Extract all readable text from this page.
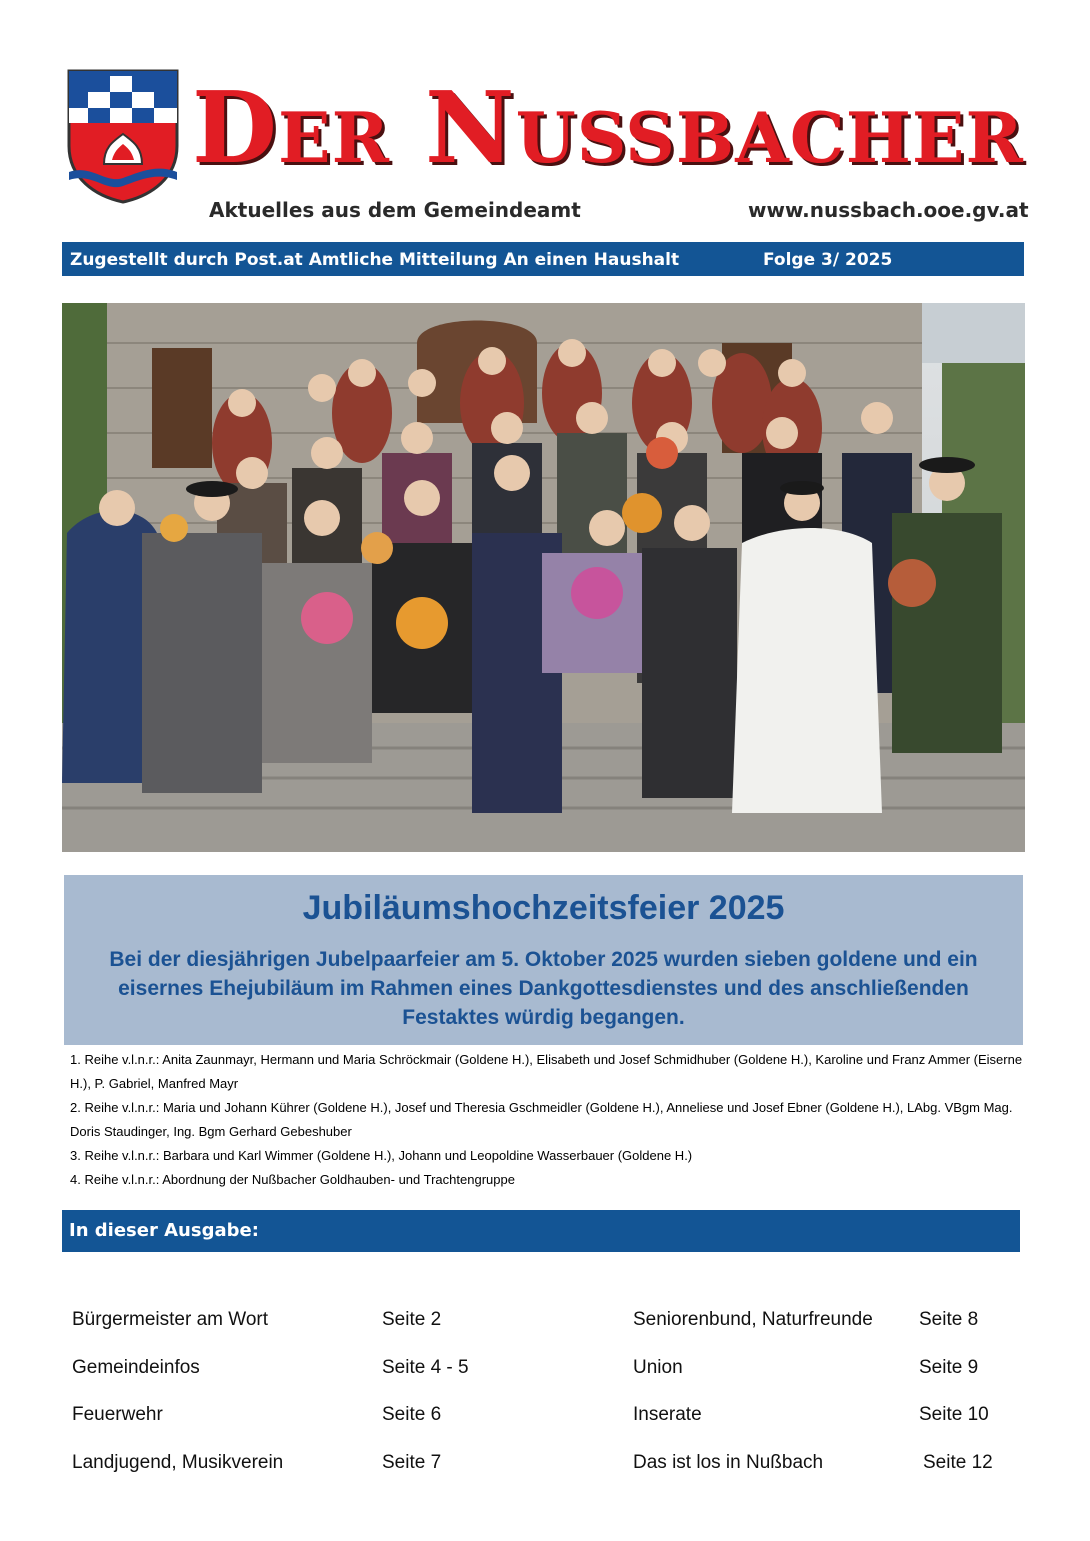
Der Nußbacher
Aktuelles aus dem Gemeindeamt	www.nussbach.ooe.gv.at
Zugestellt durch Post.at Amtliche Mitteilung An einen Haushalt	Folge 3/ 2025
Jubiläumshochzeitsfeier 2025
Bei der diesjährigen Jubelpaarfeier am 5. Oktober 2025 wurden sieben goldene und ein eisernes Ehejubiläum im Rahmen eines Dankgottesdienstes und des anschließenden Festaktes würdig begangen.

1. Reihe v.l.n.r.: Anita Zaunmayr, Hermann und Maria Schröckmair (Goldene H.), Elisabeth und Josef Schmidhuber (Goldene H.), Karoline und Franz Ammer (Eiserne H.), P. Gabriel, Manfred Mayr

2. Reihe v.l.n.r.: Maria und Johann Kührer (Goldene H.), Josef und Theresia Gschmeidler (Goldene H.), Anneliese und Josef Ebner (Goldene H.), LAbg. VBgm Mag. Doris Staudinger, Ing. Bgm Gerhard Gebeshuber

3. Reihe v.l.n.r.: Barbara und Karl Wimmer (Goldene H.), Johann und Leopoldine Wasserbauer (Goldene H.)

4. Reihe v.l.n.r.: Abordnung der Nußbacher Goldhauben- und Trachtengruppe

In dieser Ausgabe:
Bürgermeister am Wort	Seite 2
Gemeindeinfos	Seite 4 - 5
Feuerwehr	Seite 6
Landjugend, Musikverein	Seite 7
Seniorenbund, Naturfreunde Seite 8
Union	Seite 9
Inserate	Seite 10
Das ist los in Nußbach	Seite 12
